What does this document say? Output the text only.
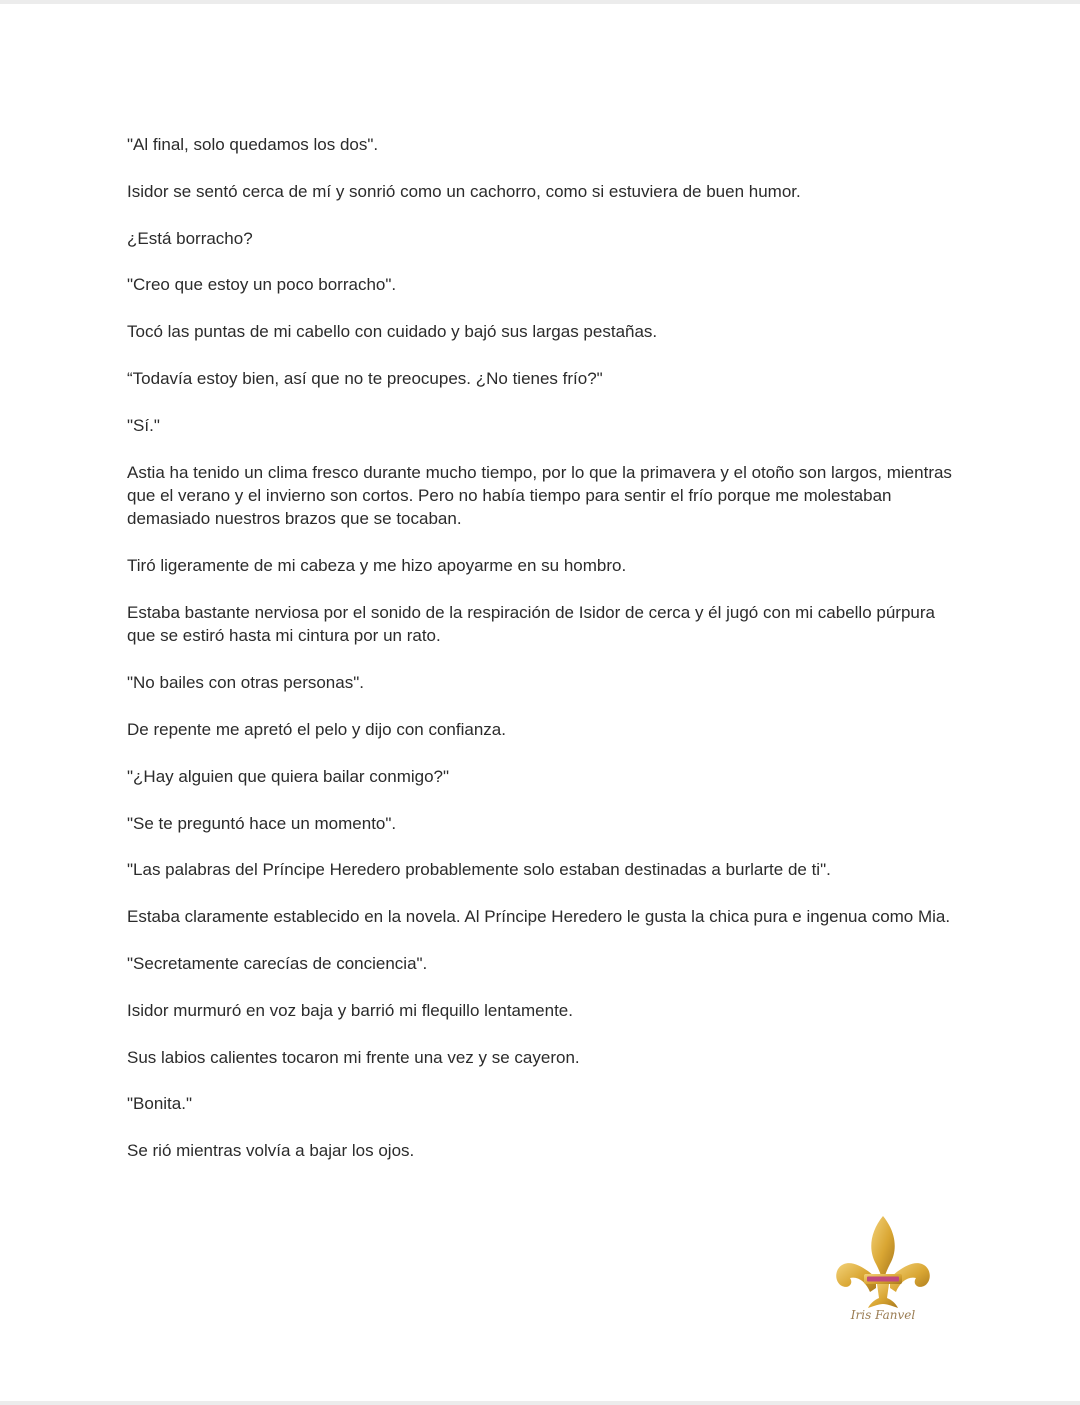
"Al final, solo quedamos los dos".

Isidor se sentó cerca de mí y sonrió como un cachorro, como si estuviera de buen humor.

¿Está borracho?

"Creo que estoy un poco borracho".

Tocó las puntas de mi cabello con cuidado y bajó sus largas pestañas.

“Todavía estoy bien, así que no te preocupes. ¿No tienes frío?"

"Sí."

Astia ha tenido un clima fresco durante mucho tiempo, por lo que la primavera y el otoño son largos, mientras que el verano y el invierno son cortos. Pero no había tiempo para sentir el frío porque me molestaban demasiado nuestros brazos que se tocaban.

Tiró ligeramente de mi cabeza y me hizo apoyarme en su hombro.

Estaba bastante nerviosa por el sonido de la respiración de Isidor de cerca y él jugó con mi cabello púrpura que se estiró hasta mi cintura por un rato.

"No bailes con otras personas".

De repente me apretó el pelo y dijo con confianza.

"¿Hay alguien que quiera bailar conmigo?"

"Se te preguntó hace un momento".

"Las palabras del Príncipe Heredero probablemente solo estaban destinadas a burlarte de ti".

Estaba claramente establecido en la novela. Al Príncipe Heredero le gusta la chica pura e ingenua como Mia.

"Secretamente carecías de conciencia".

Isidor murmuró en voz baja y barrió mi flequillo lentamente.

Sus labios calientes tocaron mi frente una vez y se cayeron.

"Bonita."

Se rió mientras volvía a bajar los ojos.

Iris Fanvel
